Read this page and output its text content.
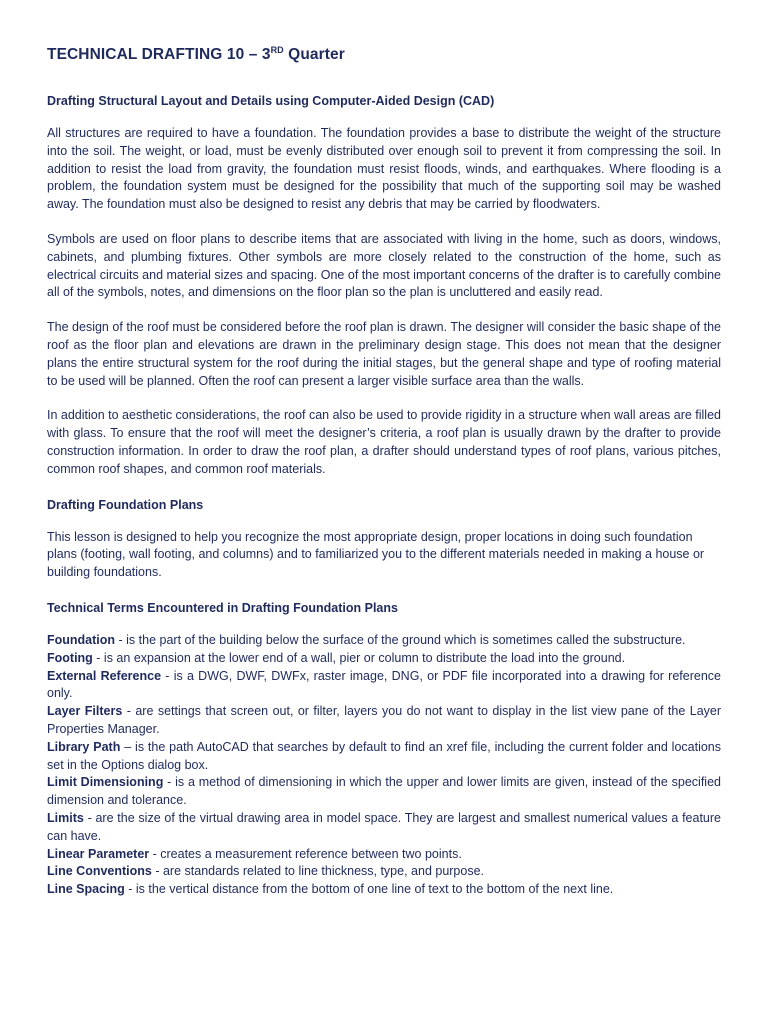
TECHNICAL DRAFTING 10 – 3RD Quarter
Drafting Structural Layout and Details using Computer-Aided Design (CAD)

All structures are required to have a foundation. The foundation provides a base to distribute the weight of the structure into the soil. The weight, or load, must be evenly distributed over enough soil to prevent it from compressing the soil. In addition to resist the load from gravity, the foundation must resist floods, winds, and earthquakes. Where flooding is a problem, the foundation system must be designed for the possibility that much of the supporting soil may be washed away. The foundation must also be designed to resist any debris that may be carried by floodwaters.

Symbols are used on floor plans to describe items that are associated with living in the home, such as doors, windows, cabinets, and plumbing fixtures. Other symbols are more closely related to the construction of the home, such as electrical circuits and material sizes and spacing. One of the most important concerns of the drafter is to carefully combine all of the symbols, notes, and dimensions on the floor plan so the plan is uncluttered and easily read.

The design of the roof must be considered before the roof plan is drawn. The designer will consider the basic shape of the roof as the floor plan and elevations are drawn in the preliminary design stage. This does not mean that the designer plans the entire structural system for the roof during the initial stages, but the general shape and type of roofing material to be used will be planned. Often the roof can present a larger visible surface area than the walls.

In addition to aesthetic considerations, the roof can also be used to provide rigidity in a structure when wall areas are filled with glass. To ensure that the roof will meet the designer’s criteria, a roof plan is usually drawn by the drafter to provide construction information. In order to draw the roof plan, a drafter should understand types of roof plans, various pitches, common roof shapes, and common roof materials.

Drafting Foundation Plans

This lesson is designed to help you recognize the most appropriate design, proper locations in doing such foundation plans (footing, wall footing, and columns) and to familiarized you to the different materials needed in making a house or building foundations.

Technical Terms Encountered in Drafting Foundation Plans
Foundation - is the part of the building below the surface of the ground which is sometimes called the substructure.
Footing - is an expansion at the lower end of a wall, pier or column to distribute the load into the ground.
External Reference - is a DWG, DWF, DWFx, raster image, DNG, or PDF file incorporated into a drawing for reference only.
Layer Filters - are settings that screen out, or filter, layers you do not want to display in the list view pane of the Layer Properties Manager.
Library Path – is the path AutoCAD that searches by default to find an xref file, including the current folder and locations set in the Options dialog box.
Limit Dimensioning - is a method of dimensioning in which the upper and lower limits are given, instead of the specified dimension and tolerance.
Limits - are the size of the virtual drawing area in model space. They are largest and smallest numerical values a feature can have.
Linear Parameter - creates a measurement reference between two points.
Line Conventions - are standards related to line thickness, type, and purpose.
Line Spacing - is the vertical distance from the bottom of one line of text to the bottom of the next line.
